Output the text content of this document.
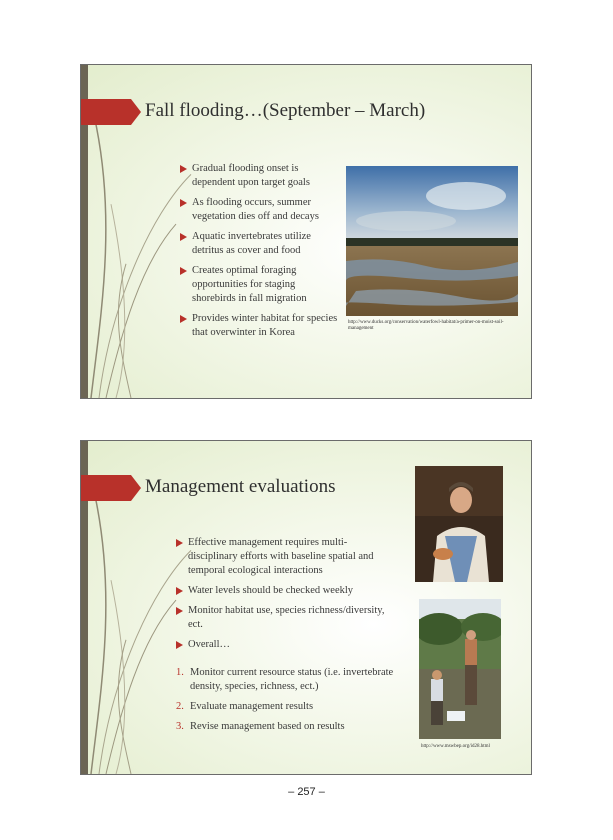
Fall flooding…(September – March)
Gradual flooding onset is dependent upon target goals
As flooding occurs, summer vegetation dies off and decays
Aquatic invertebrates utilize detritus as cover and food
Creates optimal foraging opportunities for staging shorebirds in fall migration
Provides winter habitat for species that overwinter in Korea
http://www.ducks.org/conservation/waterfowl-habitat/a-primer-on-moist-soil-management
Management evaluations
Effective management requires multi-disciplinary efforts with baseline spatial and temporal ecological interactions
Water levels should be checked weekly
Monitor habitat use, species richness/diversity, ect.
Overall…
1. Monitor current resource status (i.e. invertebrate density, species, richness, ect.)
2. Evaluate management results
3. Revise management based on results
http://www.mswbep.org/id28.html
– 257 –
